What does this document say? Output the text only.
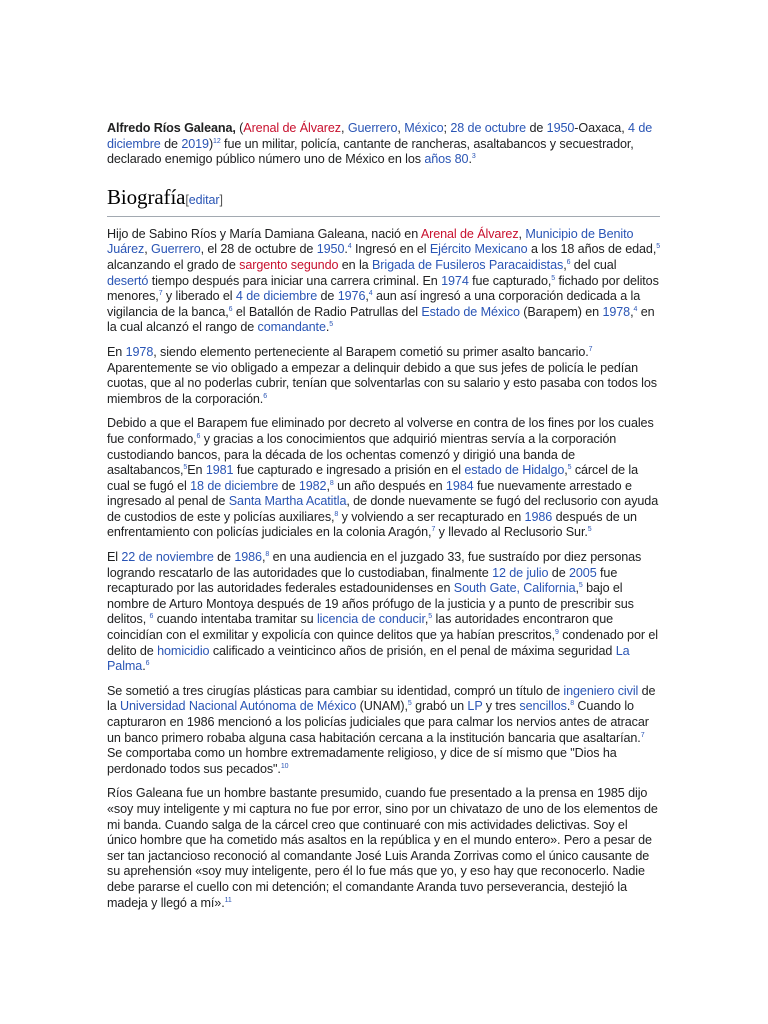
Alfredo Ríos Galeana, (Arenal de Álvarez, Guerrero, México; 28 de octubre de 1950-Oaxaca, 4 de diciembre de 2019)$^{12}$ fue un militar, policía, cantante de rancheras, asaltabancos y secuestrador, declarado enemigo público número uno de México en los años 80.$^3$

Biografía[editar]

Hijo de Sabino Ríos y María Damiana Galeana, nació en Arenal de Álvarez, Municipio de Benito Juárez, Guerrero, el 28 de octubre de 1950.$^4$ Ingresó en el Ejército Mexicano a los 18 años de edad,$^5$ alcanzando el grado de sargento segundo en la Brigada de Fusileros Paracaidistas,$^6$ del cual desertó tiempo después para iniciar una carrera criminal. En 1974 fue capturado,$^5$ fichado por delitos menores,$^7$ y liberado el 4 de diciembre de 1976,$^4$ aun así ingresó a una corporación dedicada a la vigilancia de la banca,$^6$ el Batallón de Radio Patrullas del Estado de México (Barapem) en 1978,$^4$ en la cual alcanzó el rango de comandante.$^5$

En 1978, siendo elemento perteneciente al Barapem cometió su primer asalto bancario.$^7$ Aparentemente se vio obligado a empezar a delinquir debido a que sus jefes de policía le pedían cuotas, que al no poderlas cubrir, tenían que solventarlas con su salario y esto pasaba con todos los miembros de la corporación.$^6$

Debido a que el Barapem fue eliminado por decreto al volverse en contra de los fines por los cuales fue conformado,$^6$ y gracias a los conocimientos que adquirió mientras servía a la corporación custodiando bancos, para la década de los ochentas comenzó y dirigió una banda de asaltabancos,$^5$En 1981 fue capturado e ingresado a prisión en el estado de Hidalgo,$^5$ cárcel de la cual se fugó el 18 de diciembre de 1982,$^8$ un año después en 1984 fue nuevamente arrestado e ingresado al penal de Santa Martha Acatitla, de donde nuevamente se fugó del reclusorio con ayuda de custodios de este y policías auxiliares,$^8$ y volviendo a ser recapturado en 1986 después de un enfrentamiento con policías judiciales en la colonia Aragón,$^7$ y llevado al Reclusorio Sur.$^5$

El 22 de noviembre de 1986,$^8$ en una audiencia en el juzgado 33, fue sustraído por diez personas logrando rescatarlo de las autoridades que lo custodiaban, finalmente 12 de julio de 2005 fue recapturado por las autoridades federales estadounidenses en South Gate, California,$^5$ bajo el nombre de Arturo Montoya después de 19 años prófugo de la justicia y a punto de prescribir sus delitos, $^6$ cuando intentaba tramitar su licencia de conducir,$^5$ las autoridades encontraron que coincidían con el exmilitar y expolicía con quince delitos que ya habían prescritos,$^9$ condenado por el delito de homicidio calificado a veinticinco años de prisión, en el penal de máxima seguridad La Palma.$^6$

Se sometió a tres cirugías plásticas para cambiar su identidad, compró un título de ingeniero civil de la Universidad Nacional Autónoma de México (UNAM),$^5$ grabó un LP y tres sencillos.$^8$ Cuando lo capturaron en 1986 mencionó a los policías judiciales que para calmar los nervios antes de atracar un banco primero robaba alguna casa habitación cercana a la institución bancaria que asaltarían.$^7$ Se comportaba como un hombre extremadamente religioso, y dice de sí mismo que "Dios ha perdonado todos sus pecados".$^{10}$

Ríos Galeana fue un hombre bastante presumido, cuando fue presentado a la prensa en 1985 dijo «soy muy inteligente y mi captura no fue por error, sino por un chivatazo de uno de los elementos de mi banda. Cuando salga de la cárcel creo que continuaré con mis actividades delictivas. Soy el único hombre que ha cometido más asaltos en la república y en el mundo entero». Pero a pesar de ser tan jactancioso reconoció al comandante José Luis Aranda Zorrivas como el único causante de su aprehensión «soy muy inteligente, pero él lo fue más que yo, y eso hay que reconocerlo. Nadie debe pararse el cuello con mi detención; el comandante Aranda tuvo perseverancia, destejió la madeja y llegó a mí».$^{11}$
